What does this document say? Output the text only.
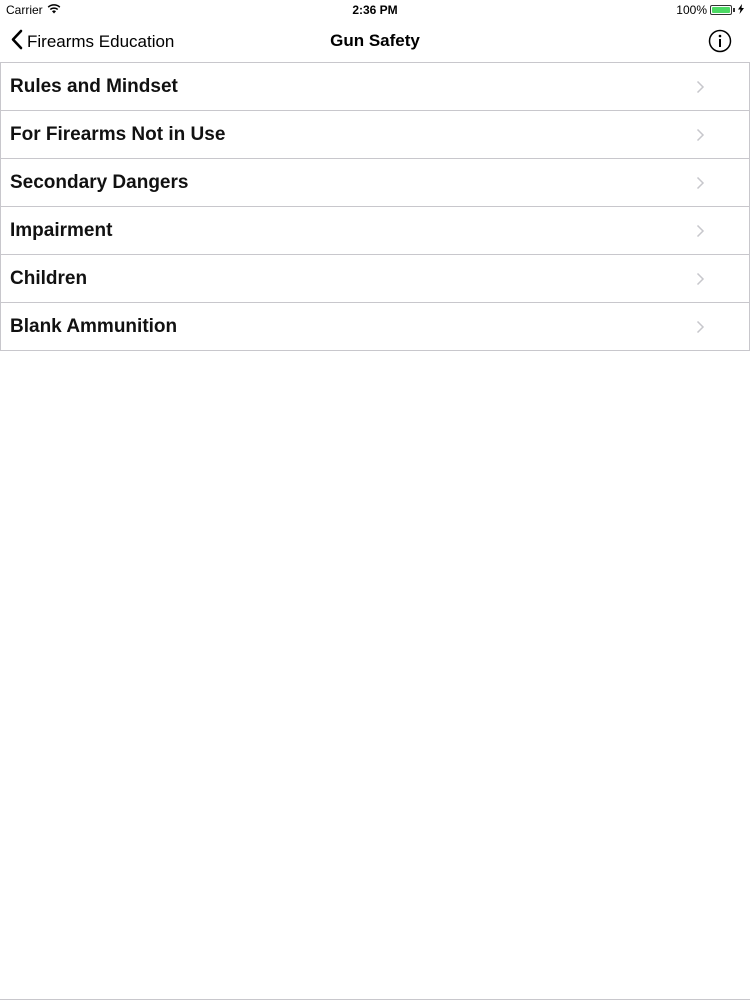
Carrier	2:36 PM	100%
Firearms Education	Gun Safety
Rules and Mindset
For Firearms Not in Use
Secondary Dangers
Impairment
Children
Blank Ammunition
